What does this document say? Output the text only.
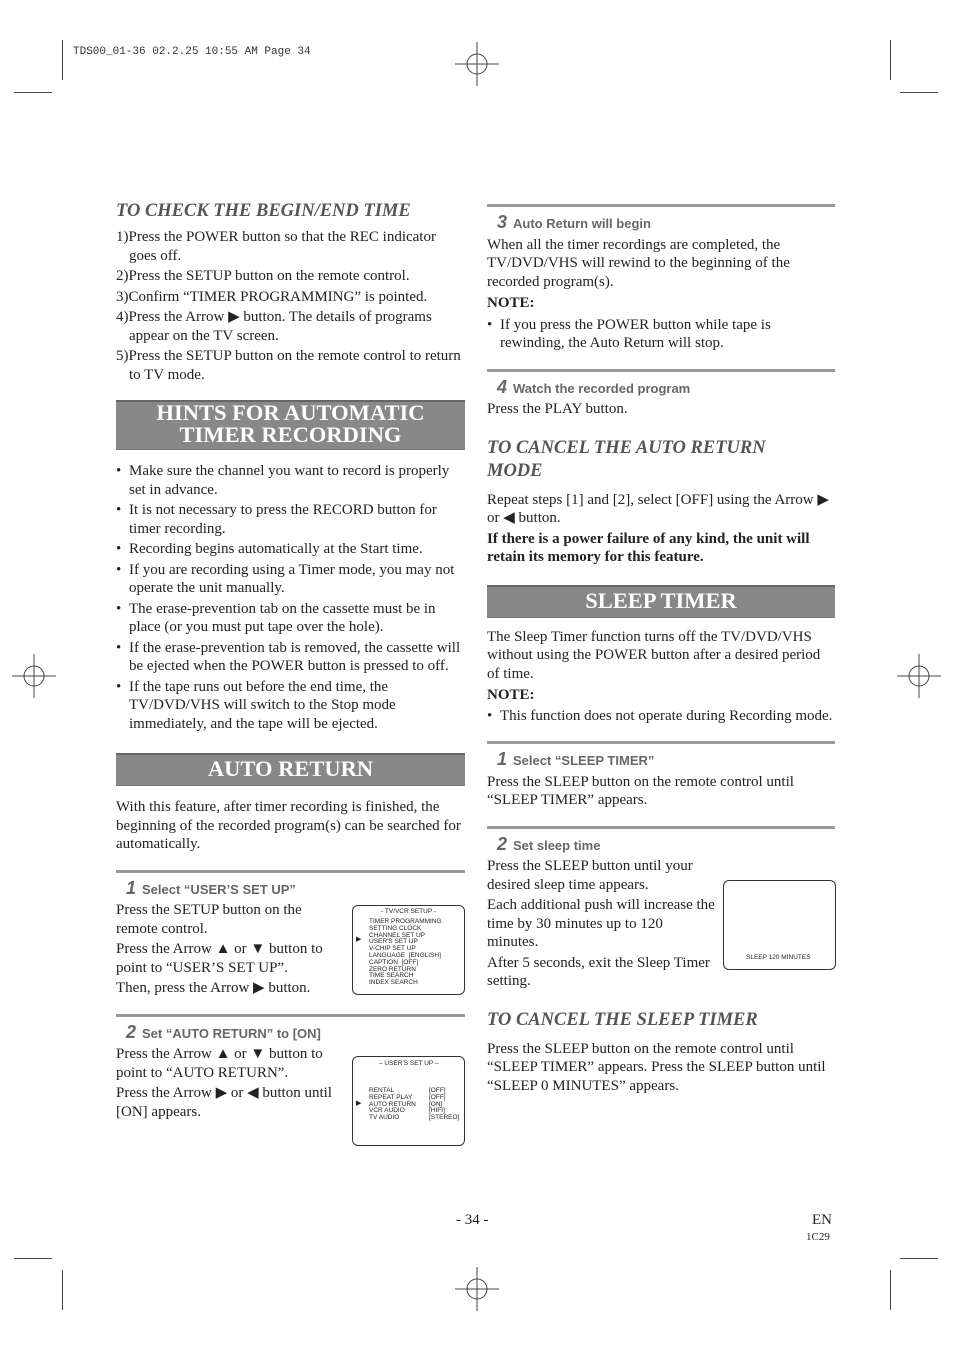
TDS00_01-36 02.2.25 10:55 AM Page 34
TO CHECK THE BEGIN/END TIME
1)Press the POWER button so that the REC indicator goes off.
2)Press the SETUP button on the remote control.
3)Confirm “TIMER PROGRAMMING” is pointed.
4)Press the Arrow ▶ button. The details of programs appear on the TV screen.
5)Press the SETUP button on the remote control to return to TV mode.
HINTS FOR AUTOMATIC
TIMER RECORDING
• Make sure the channel you want to record is properly set in advance.
• It is not necessary to press the RECORD button for timer recording.
• Recording begins automatically at the Start time.
• If you are recording using a Timer mode, you may not operate the unit manually.
• The erase-prevention tab on the cassette must be in place (or you must put tape over the hole).
• If the erase-prevention tab is removed, the cassette will be ejected when the POWER button is pressed to off.
• If the tape runs out before the end time, the TV/DVD/VHS will switch to the Stop mode immediately, and the tape will be ejected.
AUTO RETURN

With this feature, after timer recording is finished, the beginning of the recorded program(s) can be searched for automatically.

1 Select “USER’S SET UP”

Press the SETUP button on the remote control.

Press the Arrow ▲ or ▼ button to point to “USER’S SET UP”.

Then, press the Arrow ▶ button.

2 Set “AUTO RETURN” to [ON]

Press the Arrow ▲ or ▼ button to point to “AUTO RETURN”.

Press the Arrow ▶ or ◀ button until [ON] appears.

- TV/VCR SETUP -
TIMER PROGRAMMING
SETTING CLOCK
CHANNEL SET UP
USER'S SET UP
V-CHIP SET UP
LANGUAGE  [ENGLISH]
CAPTION  [OFF]
ZERO RETURN
TIME SEARCH
INDEX SEARCH
▶
– USER'S SET UP –
RENTAL
REPEAT PLAY
AUTO RETURN
VCR AUDIO
TV AUDIO
[OFF]
[OFF]
[ON]
[HIFI]
[STEREO]
▶
3 Auto Return will begin

When all the timer recordings are completed, the TV/DVD/VHS will rewind to the beginning of the recorded program(s).

NOTE:

• If you press the POWER button while tape is rewinding, the Auto Return will stop.
4 Watch the recorded program

Press the PLAY button.

TO CANCEL THE AUTO RETURN
MODE

Repeat steps [1] and [2], select [OFF] using the Arrow ▶ or ◀ button.

If there is a power failure of any kind, the unit will retain its memory for this feature.

SLEEP TIMER

The Sleep Timer function turns off the TV/DVD/VHS without using the POWER button after a desired period of time.

NOTE:

• This function does not operate during Recording mode.
1 Select “SLEEP TIMER”

Press the SLEEP button on the remote control until “SLEEP TIMER” appears.

2 Set sleep time

Press the SLEEP button until your desired sleep time appears.

Each additional push will increase the time by 30 minutes up to 120 minutes.

After 5 seconds, exit the Sleep Timer setting.

TO CANCEL THE SLEEP TIMER

Press the SLEEP button on the remote control until “SLEEP TIMER” appears. Press the SLEEP button until “SLEEP 0 MINUTES” appears.

SLEEP 120 MINUTES
- 34 -	EN
1C29
